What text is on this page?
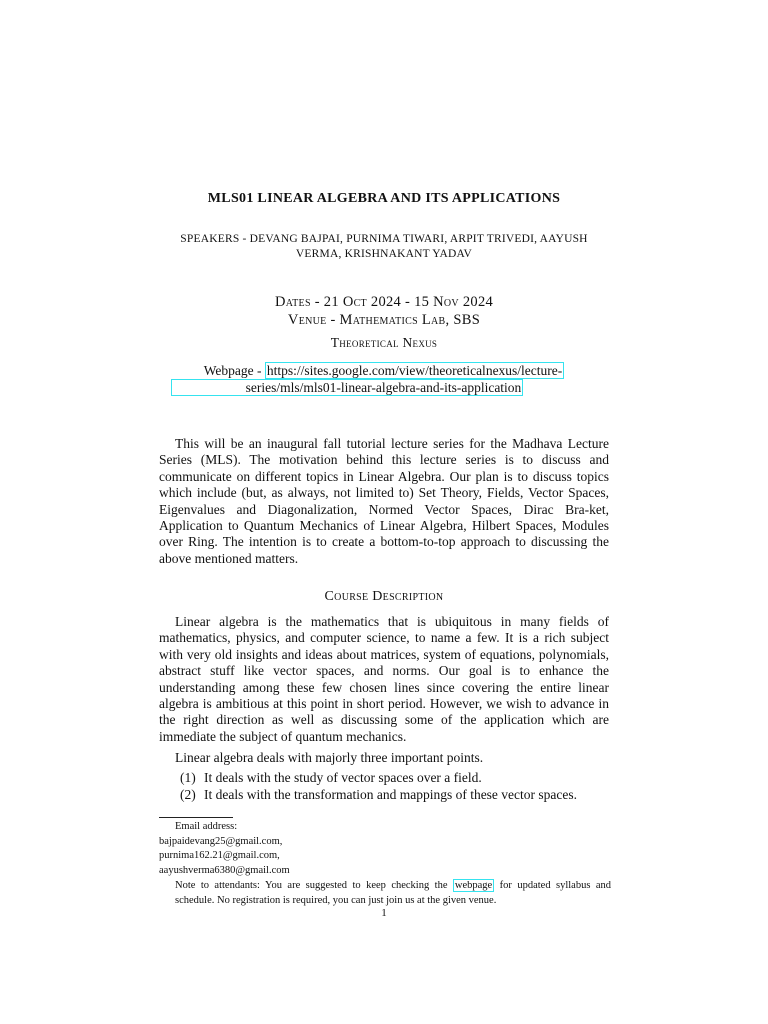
MLS01 LINEAR ALGEBRA AND ITS APPLICATIONS
SPEAKERS - DEVANG BAJPAI, PURNIMA TIWARI, ARPIT TRIVEDI, AAYUSH
VERMA, KRISHNAKANT YADAV
Dates - 21 Oct 2024 - 15 Nov 2024
Venue - Mathematics Lab, SBS
Theoretical Nexus
Webpage - https://sites.google.com/view/theoreticalnexus/lecture-
series/mls/mls01-linear-algebra-and-its-application
This will be an inaugural fall tutorial lecture series for the Madhava Lecture Series (MLS). The motivation behind this lecture series is to discuss and communicate on different topics in Linear Algebra. Our plan is to discuss topics which include (but, as always, not limited to) Set Theory, Fields, Vector Spaces, Eigenvalues and Diagonalization, Normed Vector Spaces, Dirac Bra-ket, Application to Quantum Mechanics of Linear Algebra, Hilbert Spaces, Modules over Ring. The intention is to create a bottom-to-top approach to discussing the above mentioned matters.
Course Description
Linear algebra is the mathematics that is ubiquitous in many fields of mathematics, physics, and computer science, to name a few. It is a rich subject with very old insights and ideas about matrices, system of equations, polynomials, abstract stuff like vector spaces, and norms. Our goal is to enhance the understanding among these few chosen lines since covering the entire linear algebra is ambitious at this point in short period. However, we wish to advance in the right direction as well as discussing some of the application which are immediate the subject of quantum mechanics.
Linear algebra deals with majorly three important points.
(1) It deals with the study of vector spaces over a field.
(2) It deals with the transformation and mappings of these vector spaces.
Email address:
bajpaidevang25@gmail.com,
purnima162.21@gmail.com,
aayushverma6380@gmail.com
Note to attendants: You are suggested to keep checking the webpage for updated syllabus and schedule. No registration is required, you can just join us at the given venue.
1
